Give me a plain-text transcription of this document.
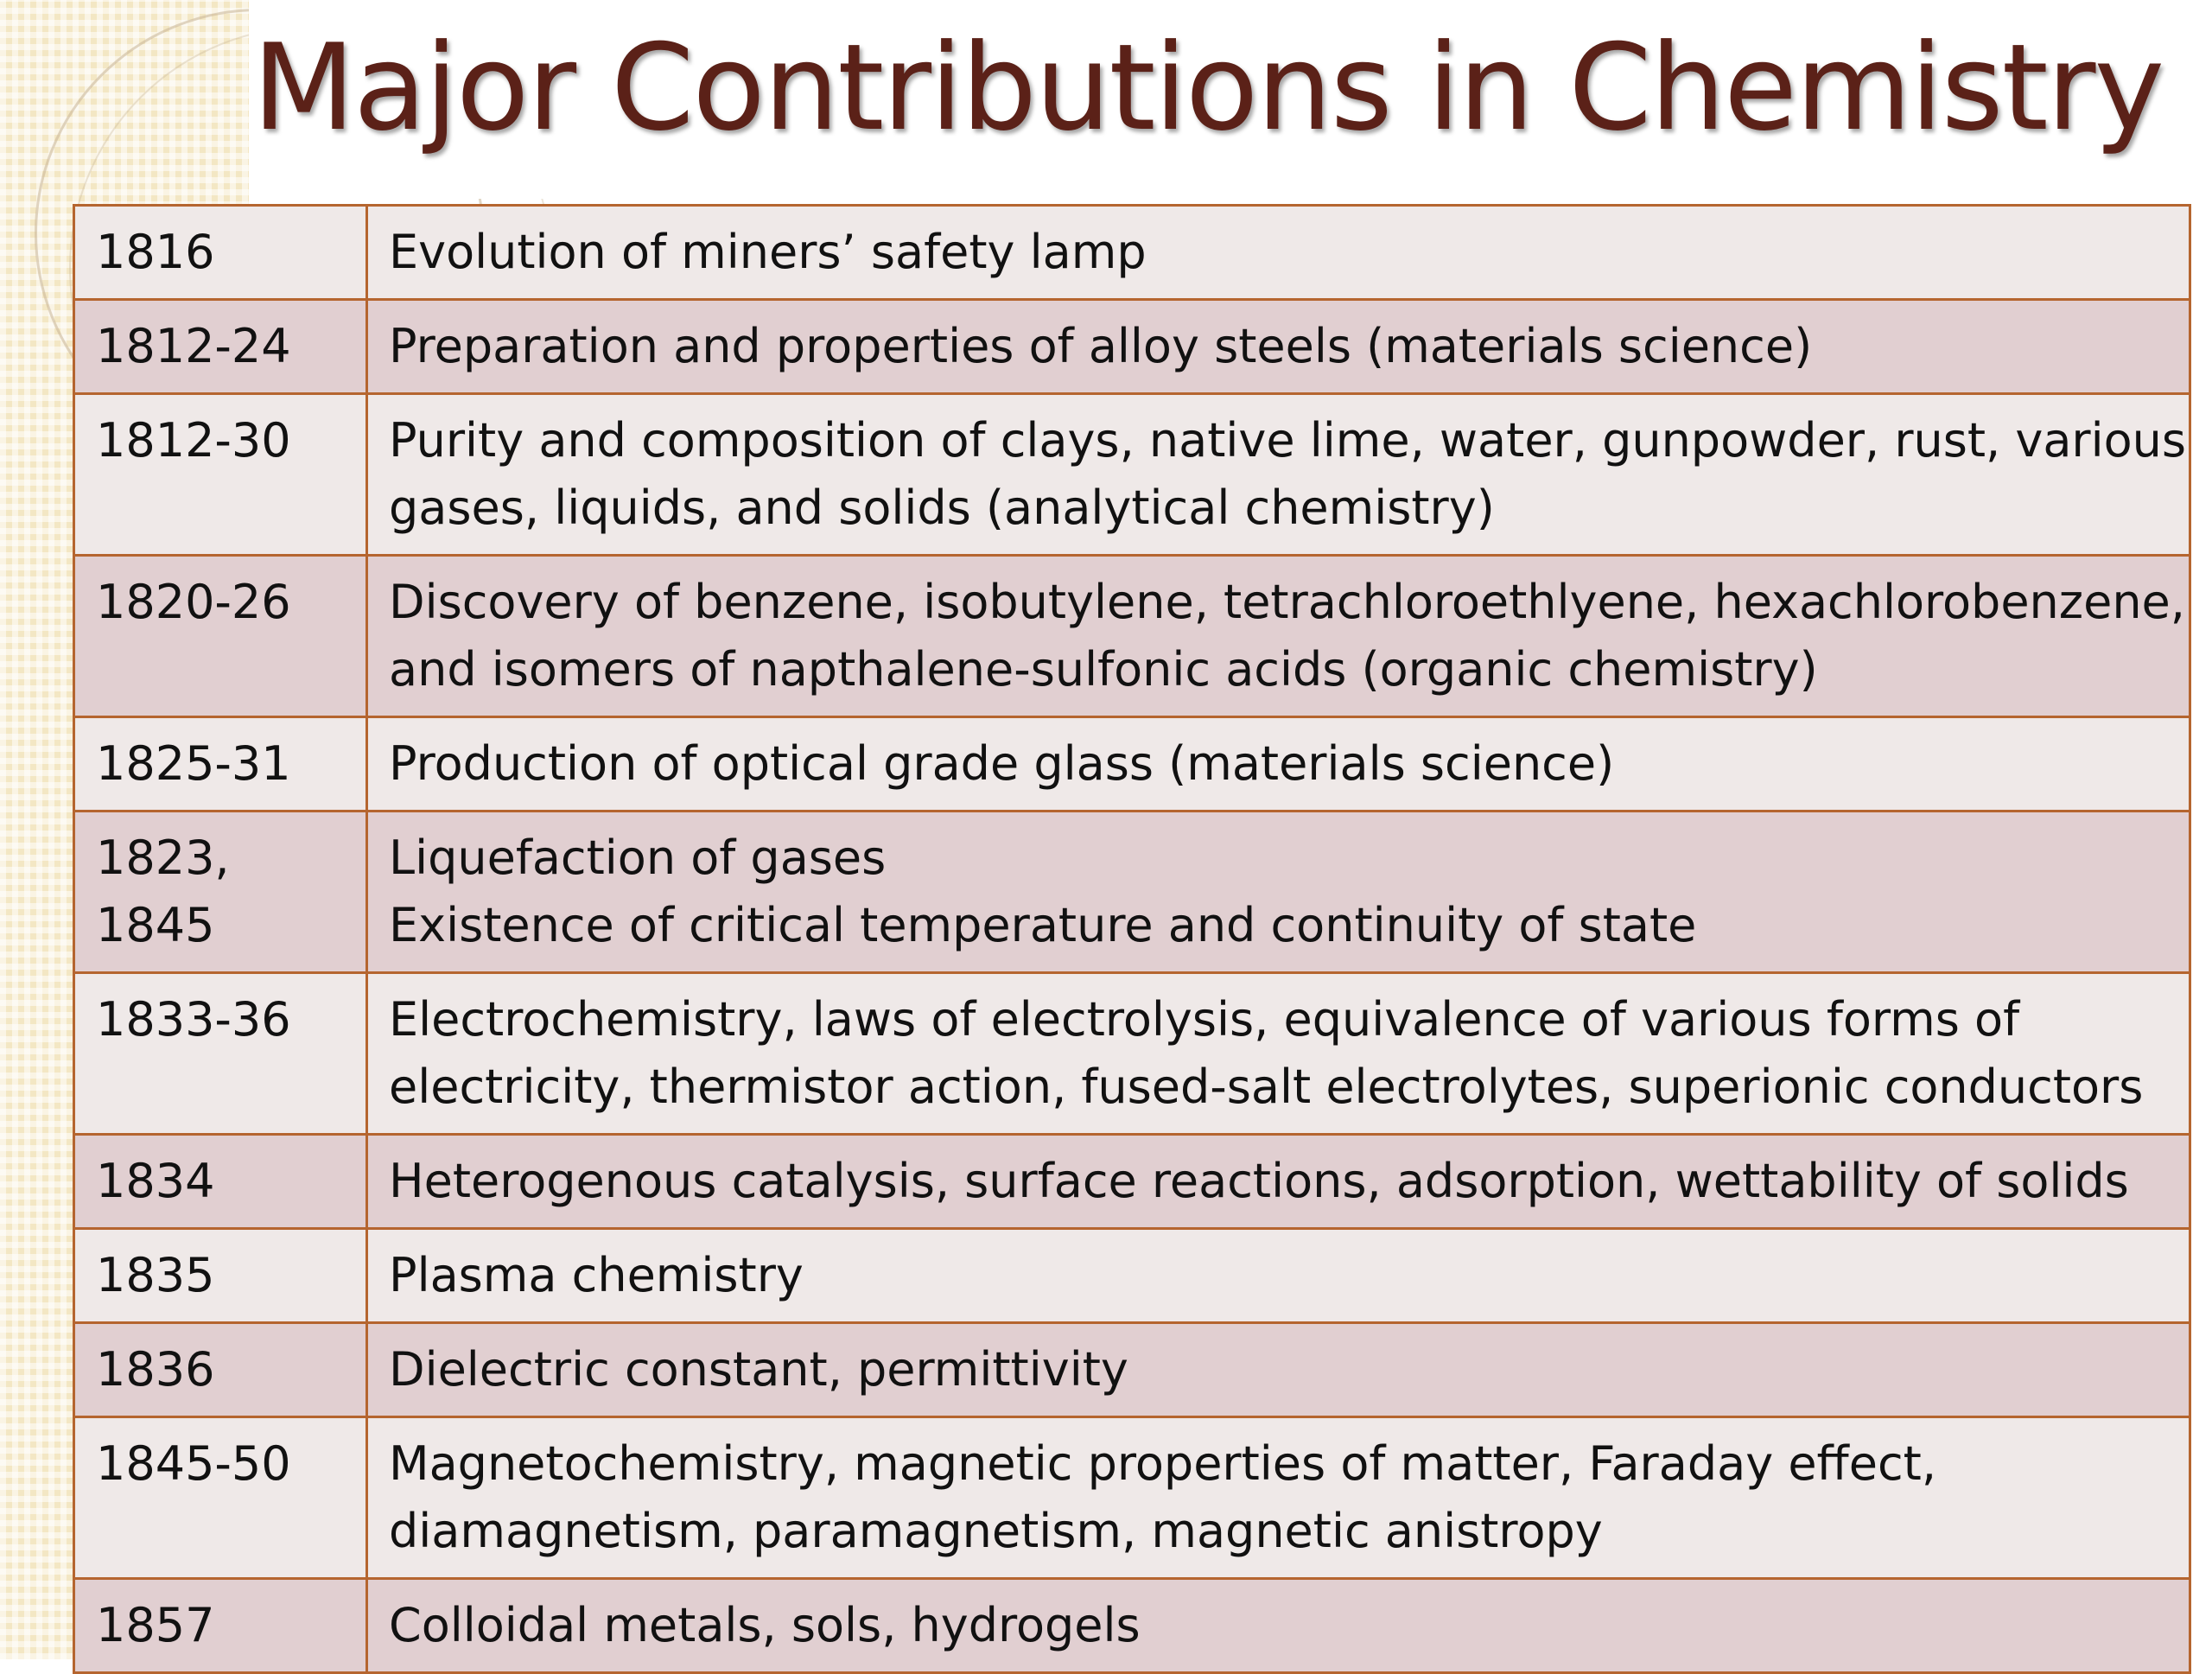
Major Contributions in Chemistry
1816	Evolution of miners’ safety lamp

1812-24	Preparation and properties of alloy steels (materials science)

1812-30	Purity and composition of clays, native lime, water, gunpowder, rust, various
gases, liquids, and solids (analytical chemistry)

1820-26	Discovery of benzene, isobutylene, tetrachloroethlyene, hexachlorobenzene,
and isomers of napthalene-sulfonic acids (organic chemistry)

1825-31	Production of optical grade glass (materials science)

1823, 1845	Liquefaction of gases
Existence of critical temperature and continuity of state

1833-36	Electrochemistry, laws of electrolysis, equivalence of various forms of
electricity, thermistor action, fused-salt electrolytes, superionic conductors

1834	Heterogenous catalysis, surface reactions, adsorption, wettability of solids

1835	Plasma chemistry

1836	Dielectric constant, permittivity

1845-50	Magnetochemistry, magnetic properties of matter, Faraday effect,
diamagnetism, paramagnetism, magnetic anistropy

1857	Colloidal metals, sols, hydrogels
